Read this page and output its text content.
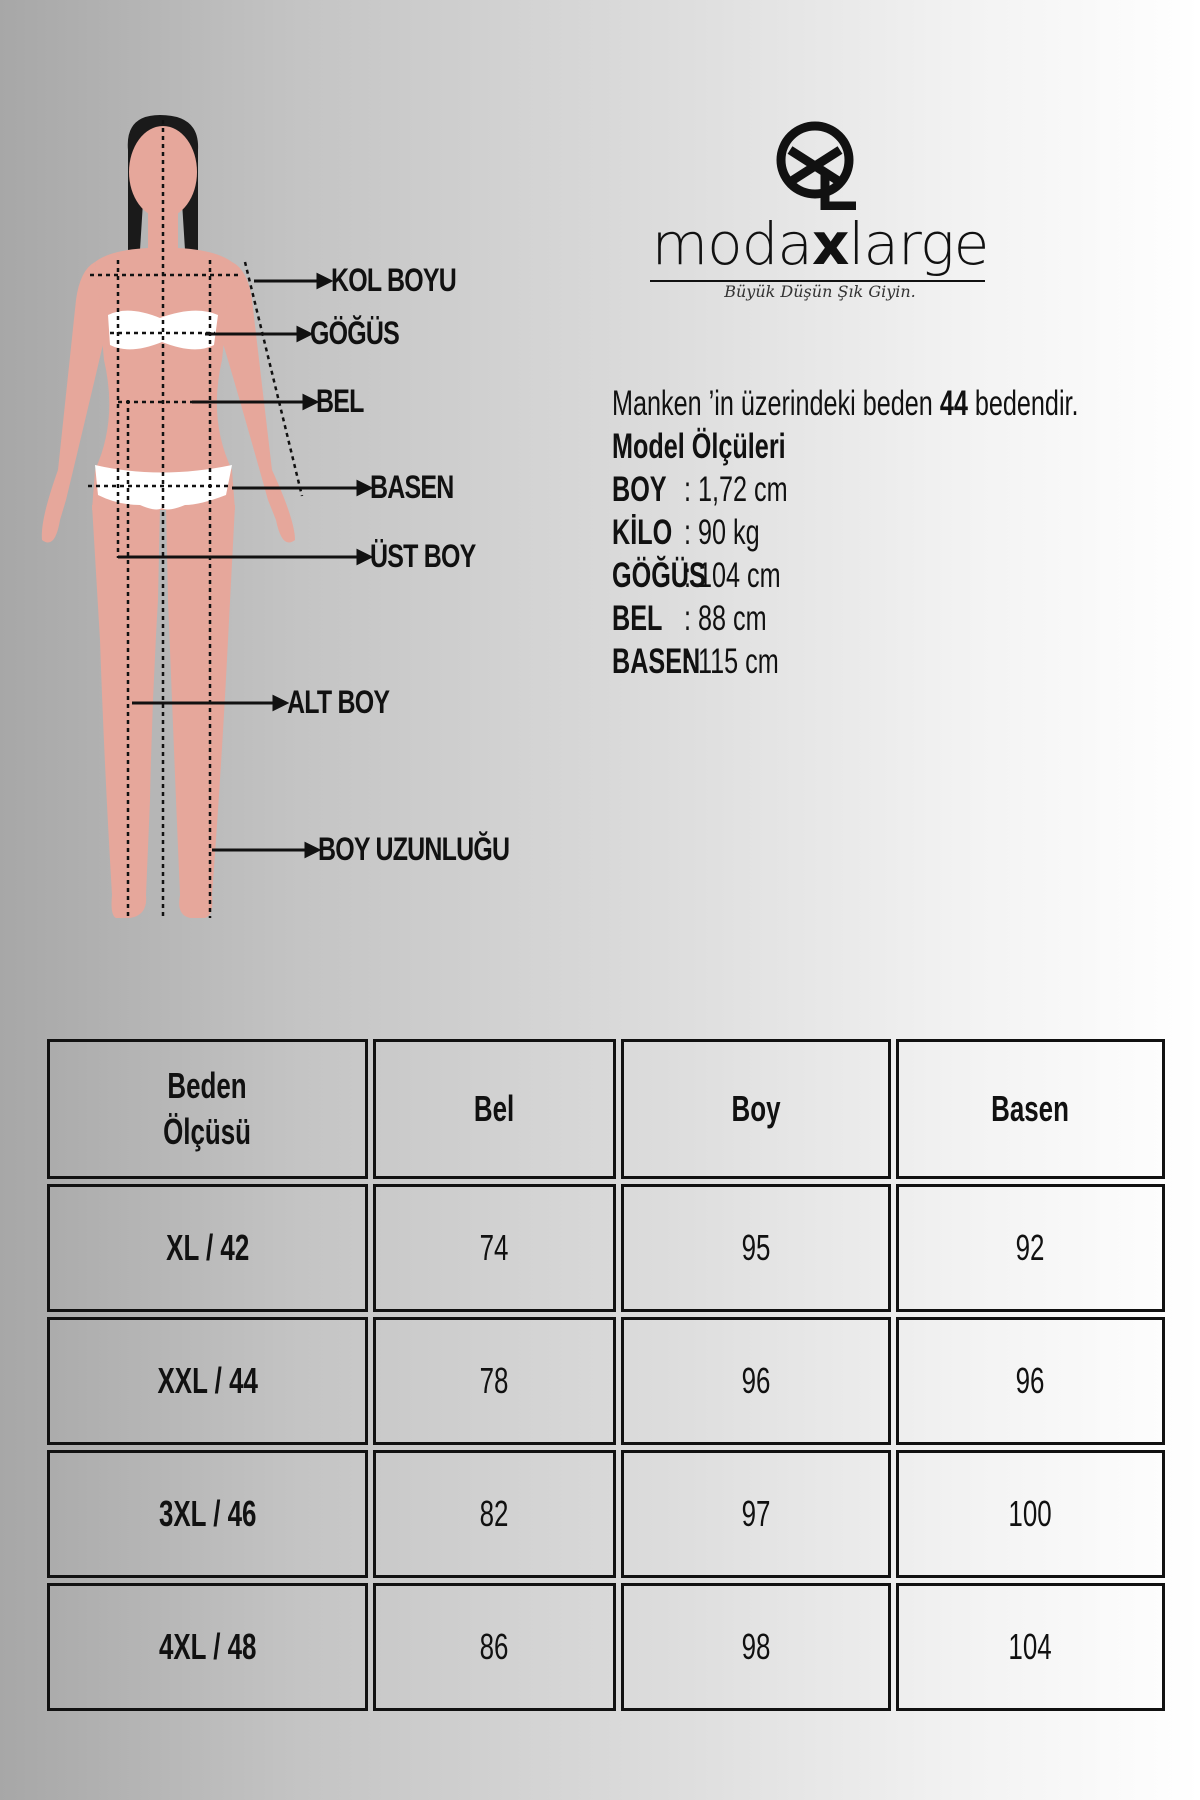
KOL BOYU
GÖĞÜS
BEL
BASEN
ÜST BOY
ALT BOY
BOY UZUNLUĞU
modaxlarge
Büyük Düşün Şık Giyin.
Manken ’in üzerindeki beden 44 bedendir.
Model Ölçüleri
BOY : 1,72 cm
KİLO : 90 kg
GÖĞÜS: 104 cm
BEL : 88 cm
BASEN: 115 cm
Beden
Ölçüsü	Bel	Boy	Basen
XL / 42	74	95	92
XXL / 44	78	96	96
3XL / 46	82	97	100
4XL / 48	86	98	104
